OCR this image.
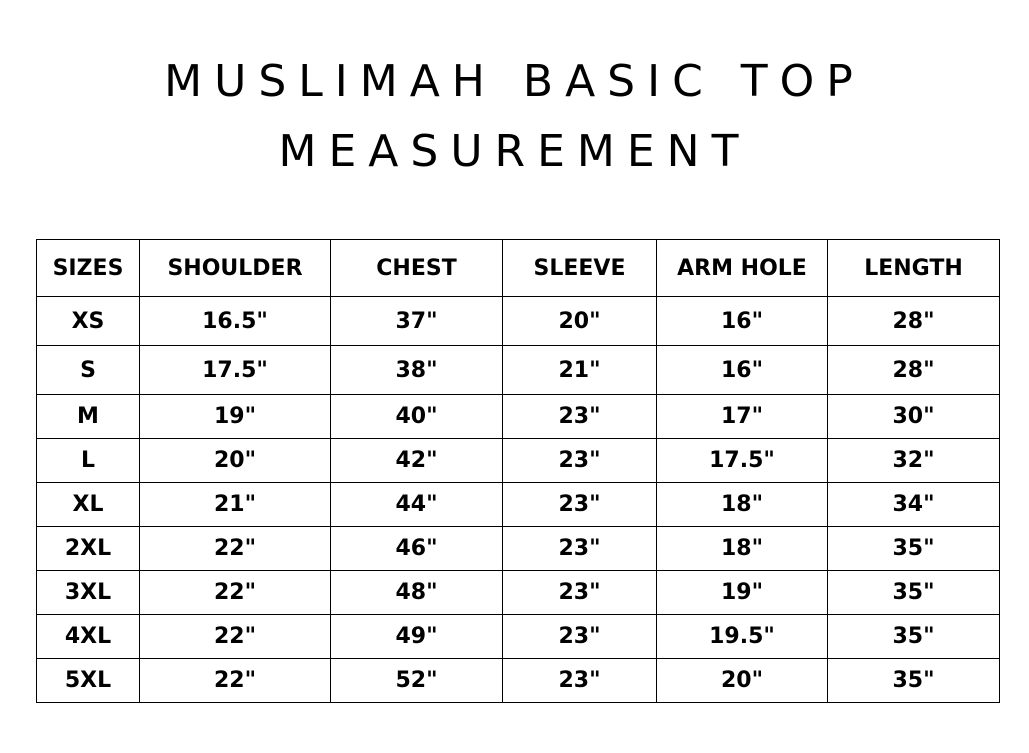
MUSLIMAH BASIC TOP
MEASUREMENT
SIZES	SHOULDER	CHEST	SLEEVE	ARM HOLE	LENGTH
XS	16.5"	37"	20"	16"	28"
S	17.5"	38"	21"	16"	28"
M	19"	40"	23"	17"	30"
L	20"	42"	23"	17.5"	32"
XL	21"	44"	23"	18"	34"
2XL	22"	46"	23"	18"	35"
3XL	22"	48"	23"	19"	35"
4XL	22"	49"	23"	19.5"	35"
5XL	22"	52"	23"	20"	35"
